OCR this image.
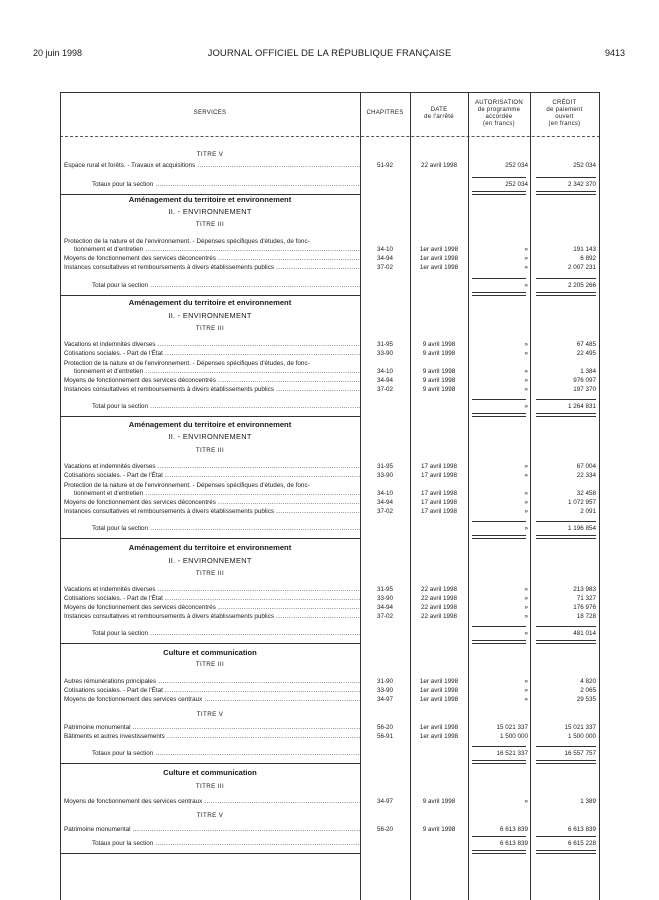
20 juin 1998	JOURNAL OFFICIEL DE LA RÉPUBLIQUE FRANÇAISE	9413
SERVICES	CHAPITRES
DATE
de l'arrêté
AUTORISATION
de programme
accordée
(en francs)
CRÉDIT
de paiement
ouvert
(en francs)
TITRE V
Espace rural et forêts. - Travaux et acquisitions .....	51-92	22 avril 1998	252 034	252 034
Totaux pour la section .....	252 034	2 342 370
Aménagement du territoire et environnement
II. - ENVIRONNEMENT
TITRE III
Protection de la nature et de l'environnement. - Dépenses spécifiques d'études, de fonc-
tionnement et d'entretien .....	34-10	1er avril 1998	»	191 143
Moyens de fonctionnement des services déconcentrés .....	34-94	1er avril 1998	»	6 892
Instances consultatives et remboursements à divers établissements publics .....	37-02	1er avril 1998	»	2 007 231
Total pour la section .....	»	2 205 266
Aménagement du territoire et environnement
II. - ENVIRONNEMENT
TITRE III
Vacations et indemnités diverses .....	31-95	9 avril 1998	»	67 485
Cotisations sociales. - Part de l'État .....	33-90	9 avril 1998	»	22 495
Protection de la nature et de l'environnement. - Dépenses spécifiques d'études, de fonc-
tionnement et d'entretien .....	34-10	9 avril 1998	»	1 384
Moyens de fonctionnement des services déconcentrés .....	34-94	9 avril 1998	»	976 097
Instances consultatives et remboursements à divers établissements publics .....	37-02	9 avril 1998	»	197 370
Total pour la section .....	»	1 264 831
Aménagement du territoire et environnement
II. - ENVIRONNEMENT
TITRE III
Vacations et indemnités diverses .....	31-95	17 avril 1998	»	67 004
Cotisations sociales. - Part de l'État .....	33-90	17 avril 1998	»	22 334
Protection de la nature et de l'environnement. - Dépenses spécifiques d'études, de fonc-
tionnement et d'entretien .....	34-10	17 avril 1998	»	32 458
Moyens de fonctionnement des services déconcentrés .....	34-94	17 avril 1998	»	1 072 957
Instances consultatives et remboursements à divers établissements publics .....	37-02	17 avril 1998	»	2 091
Total pour la section .....	»	1 196 854
Aménagement du territoire et environnement
II. - ENVIRONNEMENT
TITRE III
Vacations et indemnités diverses .....	31-95	22 avril 1998	»	213 983
Cotisations sociales. - Part de l'État .....	33-90	22 avril 1998	»	71 327
Moyens de fonctionnement des services déconcentrés .....	34-94	22 avril 1998	»	176 976
Instances consultatives et remboursements à divers établissements publics .....	37-02	22 avril 1998	»	18 728
Total pour la section .....	»	481 014
Culture et communication
TITRE III
Autres rémunérations principales .....	31-90	1er avril 1998	»	4 820
Cotisations sociales. - Part de l'État .....	33-90	1er avril 1998	»	2 065
Moyens de fonctionnement des services centraux .....	34-97	1er avril 1998	»	29 535
TITRE V
Patrimoine monumental .....	56-20	1er avril 1998	15 021 337	15 021 337
Bâtiments et autres investissements .....	56-91	1er avril 1998	1 500 000	1 500 000
Totaux pour la section .....	16 521 337	16 557 757
Culture et communication
TITRE III
Moyens de fonctionnement des services centraux .....	34-97	9 avril 1998	»	1 389
TITRE V
Patrimoine monumental .....	56-20	9 avril 1998	6 613 839	6 613 839
Totaux pour la section .....	6 613 839	6 615 228
